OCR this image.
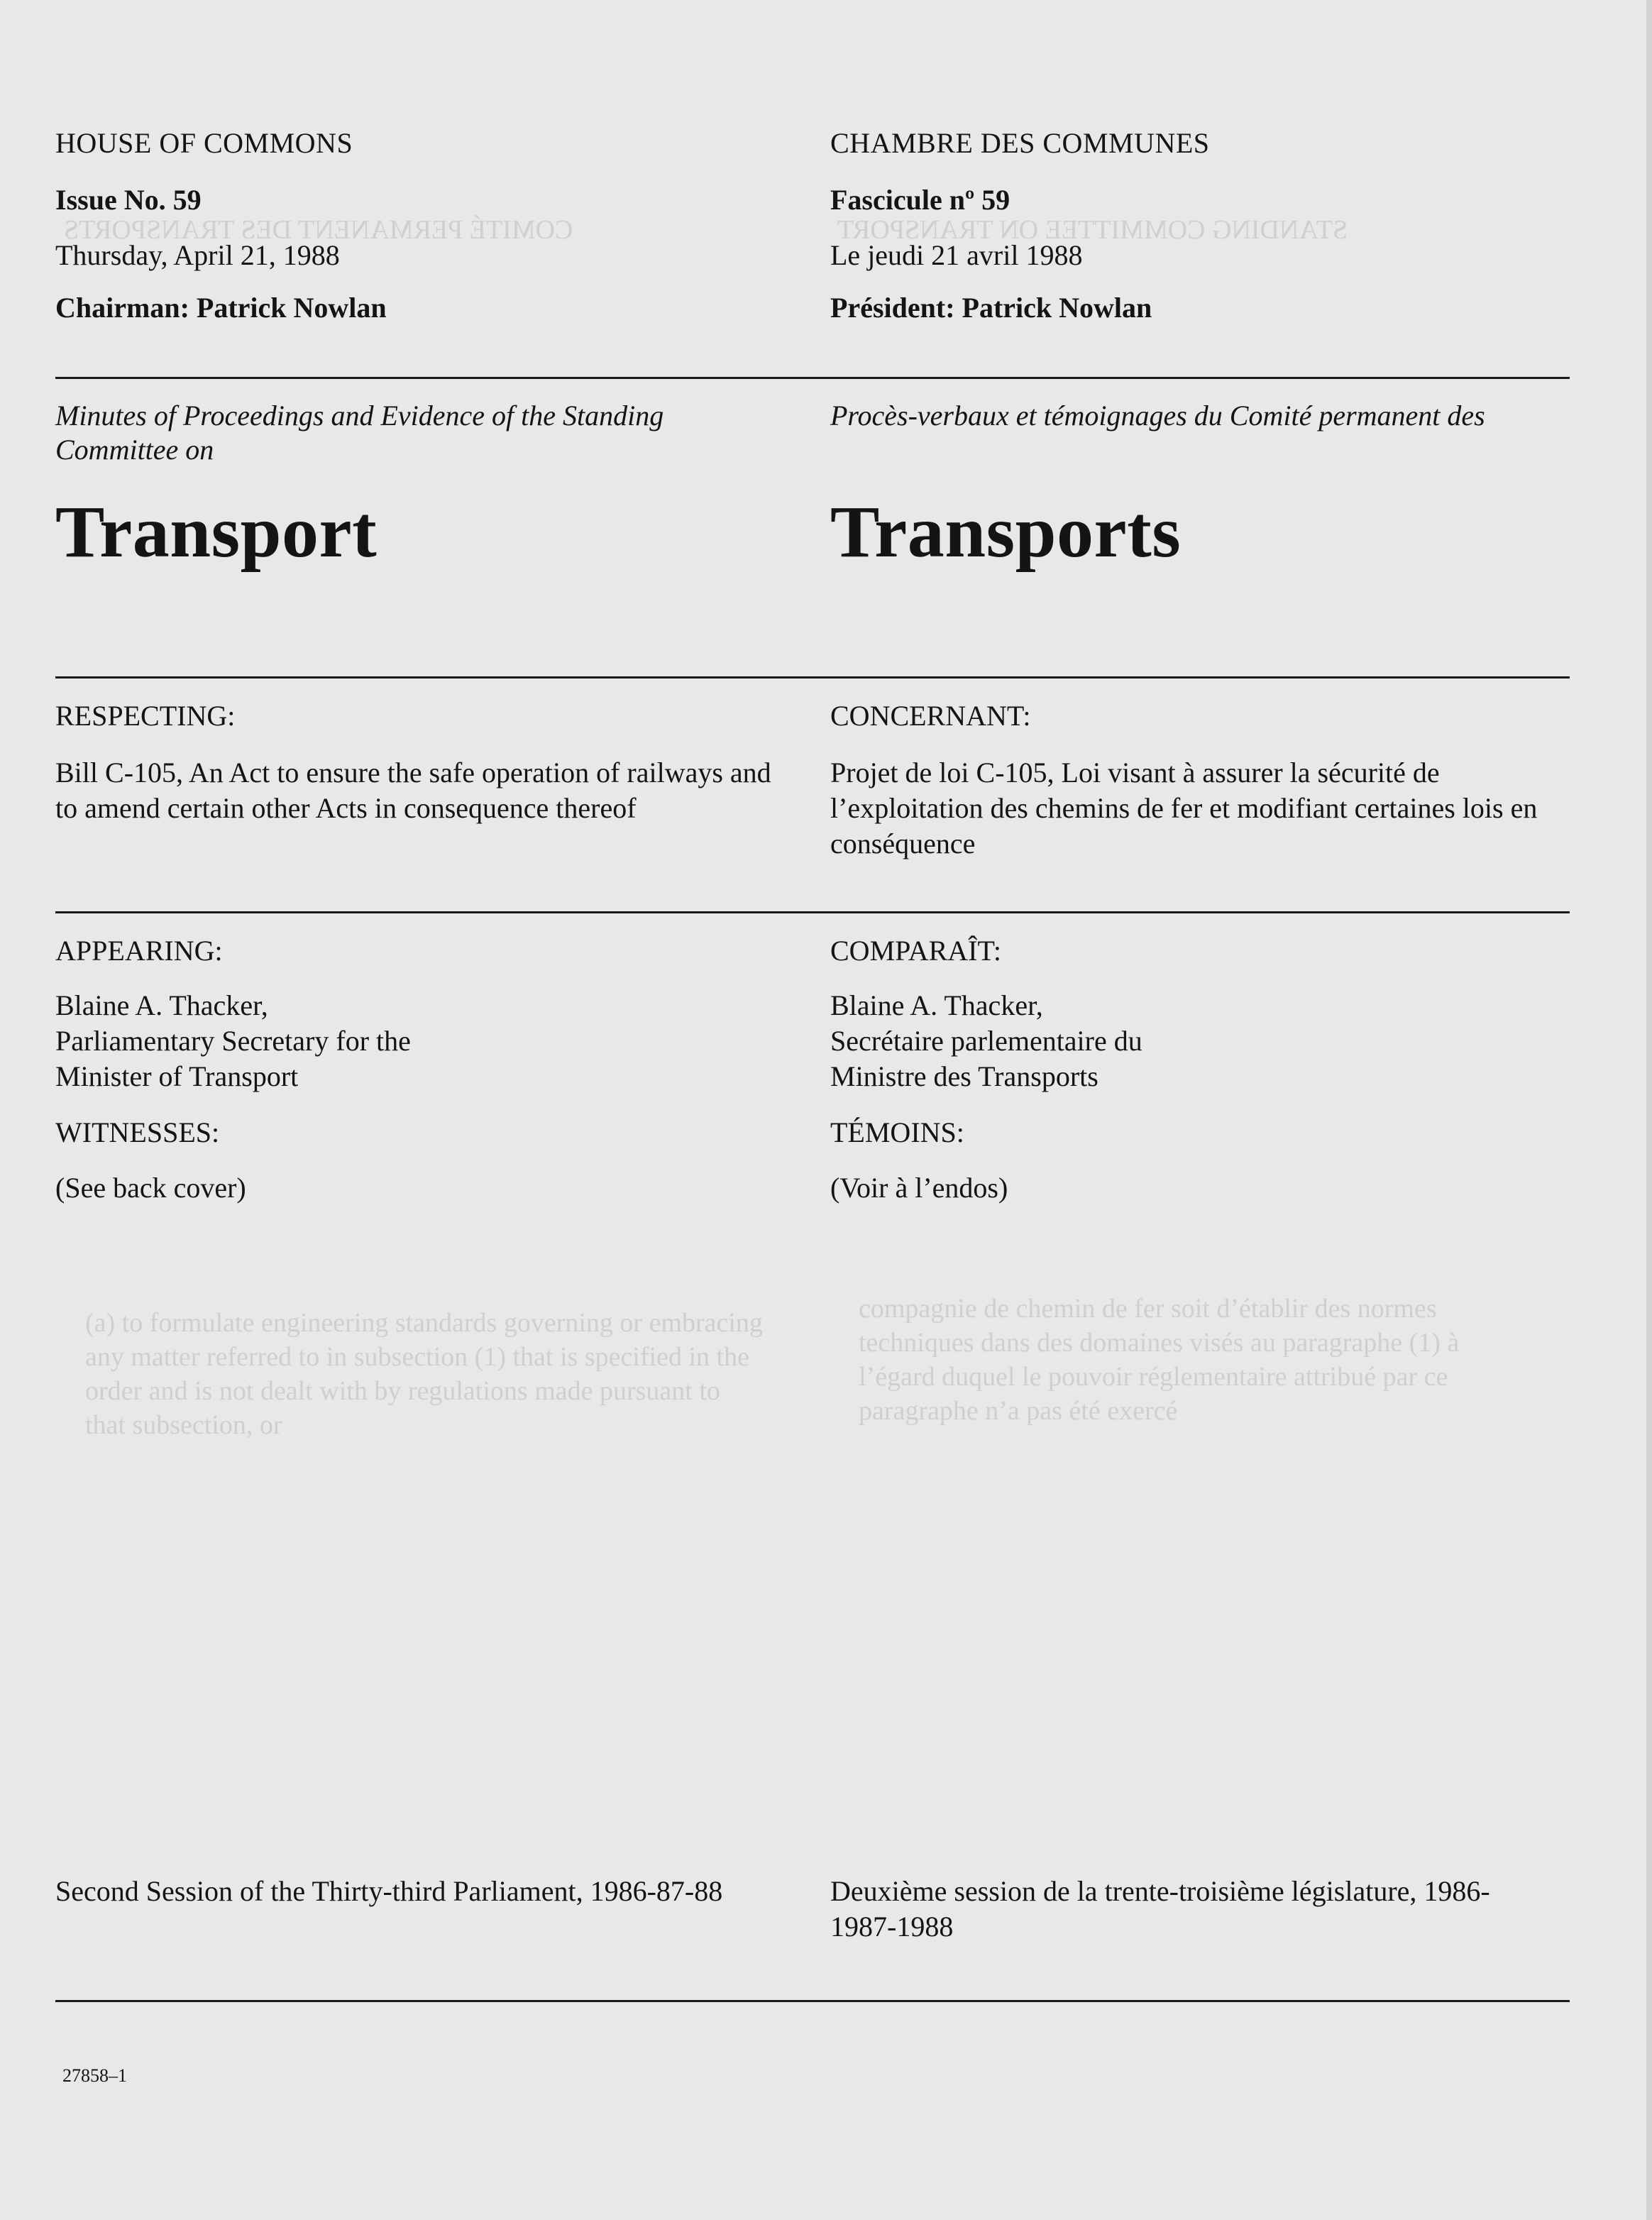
STANDING COMMITTEE ON TRANSPORT
COMITÉ PERMANENT DES TRANSPORTS
(a) to formulate engineering standards governing or embracing any matter referred to in subsection (1) that is specified in the order and is not dealt with by regulations made pursuant to that subsection, or
compagnie de chemin de fer soit d’établir des normes techniques dans des domaines visés au paragraphe (1) à l’égard duquel le pouvoir réglementaire attribué par ce paragraphe n’a pas été exercé
HOUSE OF COMMONS
Issue No. 59
Thursday, April 21, 1988
Chairman: Patrick Nowlan
Minutes of Proceedings and Evidence of the Standing Committee on
Transport
RESPECTING:
Bill C-105, An Act to ensure the safe operation of railways and to amend certain other Acts in consequence thereof
APPEARING:
Blaine A. Thacker,
Parliamentary Secretary for the
Minister of Transport
WITNESSES:
(See back cover)
Second Session of the Thirty-third Parliament, 1986-87-88
CHAMBRE DES COMMUNES
Fascicule nº 59
Le jeudi 21 avril 1988
Président: Patrick Nowlan
Procès-verbaux et témoignages du Comité permanent des
Transports
CONCERNANT:
Projet de loi C-105, Loi visant à assurer la sécurité de l’exploitation des chemins de fer et modifiant certaines lois en conséquence
COMPARAÎT:
Blaine A. Thacker,
Secrétaire parlementaire du
Ministre des Transports
TÉMOINS:
(Voir à l’endos)
Deuxième session de la trente-troisième législature, 1986-1987-1988
27858–1
